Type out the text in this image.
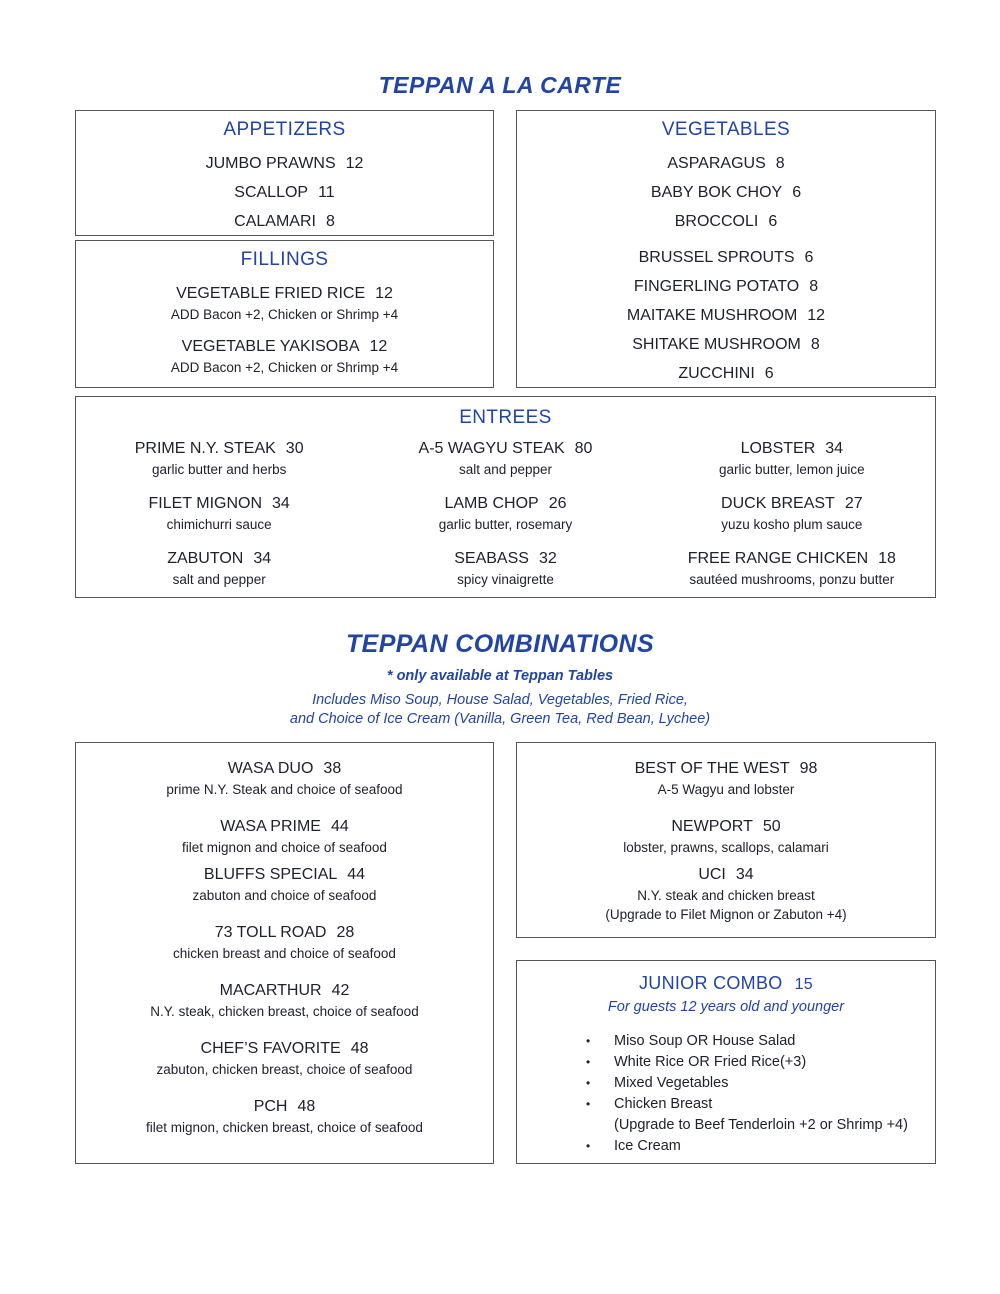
TEPPAN A LA CARTE
APPETIZERS
JUMBO PRAWNS 12
SCALLOP 11
CALAMARI 8
FILLINGS
VEGETABLE FRIED RICE 12
ADD Bacon +2, Chicken or Shrimp +4
VEGETABLE YAKISOBA 12
ADD Bacon +2, Chicken or Shrimp +4
VEGETABLES
ASPARAGUS 8
BABY BOK CHOY 6
BROCCOLI 6
BRUSSEL SPROUTS 6
FINGERLING POTATO 8
MAITAKE MUSHROOM 12
SHITAKE MUSHROOM 8
ZUCCHINI 6
ENTREES
PRIME N.Y. STEAK 30
garlic butter and herbs
A-5 WAGYU STEAK 80
salt and pepper
LOBSTER 34
garlic butter, lemon juice
FILET MIGNON 34
chimichurri sauce
LAMB CHOP 26
garlic butter, rosemary
DUCK BREAST 27
yuzu kosho plum sauce
ZABUTON 34
salt and pepper
SEABASS 32
spicy vinaigrette
FREE RANGE CHICKEN 18
sautéed mushrooms, ponzu butter
TEPPAN COMBINATIONS
* only available at Teppan Tables
Includes Miso Soup, House Salad, Vegetables, Fried Rice,
and Choice of Ice Cream (Vanilla, Green Tea, Red Bean, Lychee)
WASA DUO 38
prime N.Y. Steak and choice of seafood
WASA PRIME 44
filet mignon and choice of seafood
BLUFFS SPECIAL 44
zabuton and choice of seafood
73 TOLL ROAD 28
chicken breast and choice of seafood
MACARTHUR 42
N.Y. steak, chicken breast, choice of seafood
CHEF’S FAVORITE 48
zabuton, chicken breast, choice of seafood
PCH 48
filet mignon, chicken breast, choice of seafood
BEST OF THE WEST 98
A-5 Wagyu and lobster
NEWPORT 50
lobster, prawns, scallops, calamari
UCI 34
N.Y. steak and chicken breast
(Upgrade to Filet Mignon or Zabuton +4)
JUNIOR COMBO 15
For guests 12 years old and younger
•	Miso Soup OR House Salad
•	White Rice OR Fried Rice(+3)
•	Mixed Vegetables
•	Chicken Breast
(Upgrade to Beef Tenderloin +2 or Shrimp +4)
•	Ice Cream
